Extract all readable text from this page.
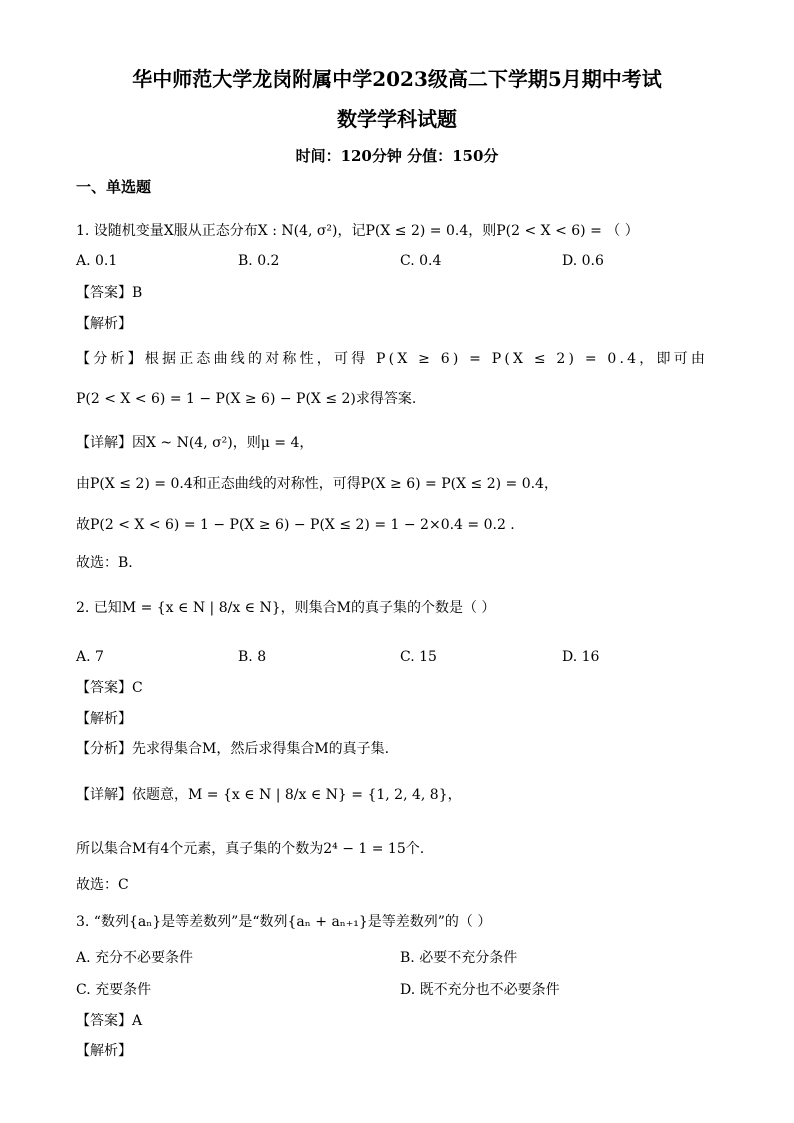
华中师范大学龙岗附属中学2023级高二下学期5月期中考试
数学学科试题
时间：120分钟 分值：150分
一、单选题
1. 设随机变量X服从正态分布X : N(4, σ²)，记P(X ≤ 2) = 0.4，则P(2 < X < 6) = （ ）
A. 0.1	B. 0.2	C. 0.4	D. 0.6
【答案】B
【解析】
【分析】根据正态曲线的对称性，可得 P(X ≥ 6) = P(X ≤ 2) = 0.4，即可由
P(2 < X < 6) = 1 − P(X ≥ 6) − P(X ≤ 2)求得答案.
【详解】因X ~ N(4, σ²)，则μ = 4，
由P(X ≤ 2) = 0.4和正态曲线的对称性，可得P(X ≥ 6) = P(X ≤ 2) = 0.4，
故P(2 < X < 6) = 1 − P(X ≥ 6) − P(X ≤ 2) = 1 − 2×0.4 = 0.2 .
故选：B.
2. 已知M = {x ∈ N | 8/x ∈ N}，则集合M的真子集的个数是（ ）
A. 7	B. 8	C. 15	D. 16
【答案】C
【解析】
【分析】先求得集合M，然后求得集合M的真子集.
【详解】依题意，M = {x ∈ N | 8/x ∈ N} = {1, 2, 4, 8}，
所以集合M有4个元素，真子集的个数为2⁴ − 1 = 15个.
故选：C
3. “数列{aₙ}是等差数列”是“数列{aₙ + aₙ₊₁}是等差数列”的（ ）
A. 充分不必要条件	B. 必要不充分条件
C. 充要条件	D. 既不充分也不必要条件
【答案】A
【解析】
